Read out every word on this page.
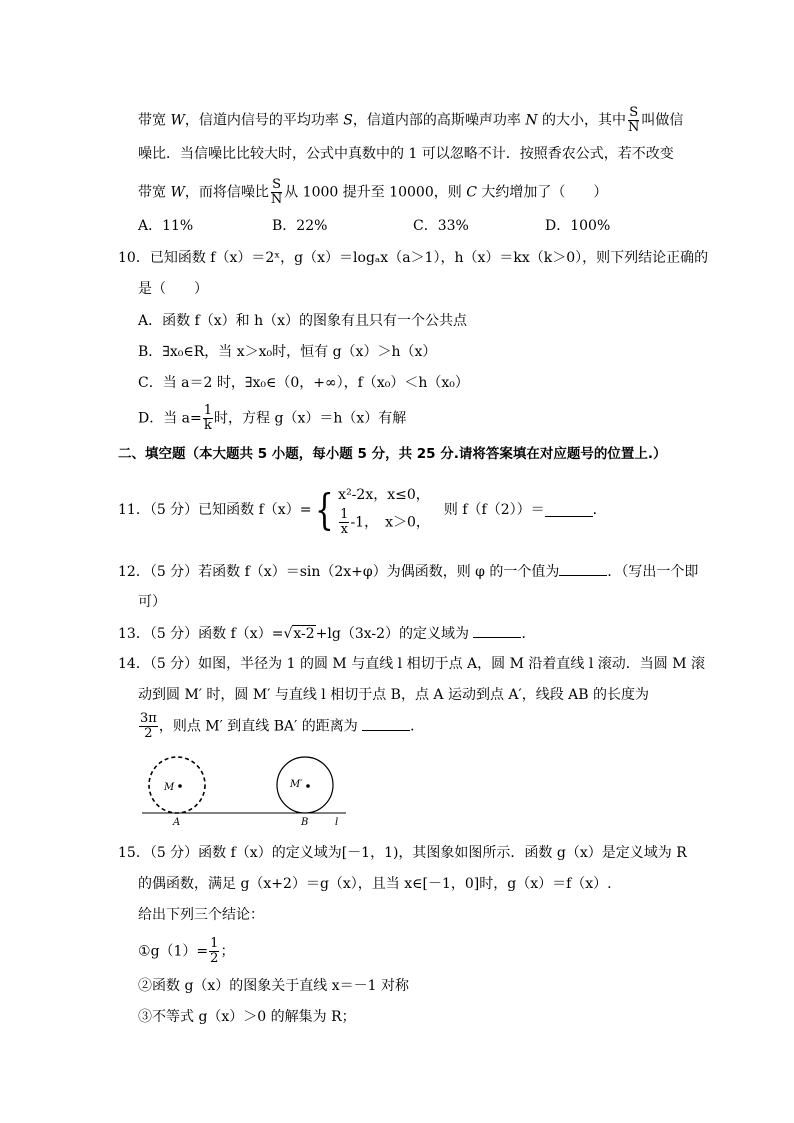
带宽 W，信道内信号的平均功率 S，信道内部的高斯噪声功率 N 的大小，其中 $\frac{S}{N}$ 叫做信
噪比．当信噪比比较大时，公式中真数中的 1 可以忽略不计．按照香农公式，若不改变
带宽 W，而将信噪比 $\frac{S}{N}$ 从 1000 提升至 10000，则 C 大约增加了（　　）
A．11%	B．22%	C．33%	D．100%
10．已知函数 f（x）＝2ˣ，g（x）＝logₐx（a＞1），h（x）＝kx（k＞0），则下列结论正确的
是（　　）
A．函数 f（x）和 h（x）的图象有且只有一个公共点
B．∃x₀∈R，当 x＞x₀时，恒有 g（x）＞h（x）
C．当 a＝2 时，∃x₀∈（0，+∞），f（x₀）＜h（x₀）
D．当 $a= \frac{1}{k}$ 时，方程 g（x）＝h（x）有解
二、填空题（本大题共 5 小题，每小题 5 分，共 25 分.请将答案填在对应题号的位置上.）
11．（5 分）已知函数 f（x）= { x²-2x，x≤0，
$\frac{1}{x} -1$，　x＞0，
则 f（f（2））＝	．
12．（5 分）若函数 f（x）＝sin（2x+φ）为偶函数，则 φ 的一个值为	．（写出一个即
可）
13．（5 分）函数 f（x）=√x-2+lg（3x-2）的定义域为	．
14．（5 分）如图，半径为 1 的圆 M 与直线 l 相切于点 A，圆 M 沿着直线 l 滚动．当圆 M 滚
动到圆 M′ 时，圆 M′ 与直线 l 相切于点 B，点 A 运动到点 A′，线段 AB 的长度为
$\frac{3\pi}{2}$ ，则点 M′ 到直线 BA′ 的距离为	．
M	M′
A	B	l
15．（5 分）函数 f（x）的定义域为[－1，1)，其图象如图所示．函数 g（x）是定义域为 R
的偶函数，满足 g（x+2）＝g（x），且当 x∈[－1，0]时，g（x）＝f（x）.
给出下列三个结论：
①g（1）= $\frac{1}{2}$ ；
②函数 g（x）的图象关于直线 x＝－1 对称
③不等式 g（x）＞0 的解集为 R；
